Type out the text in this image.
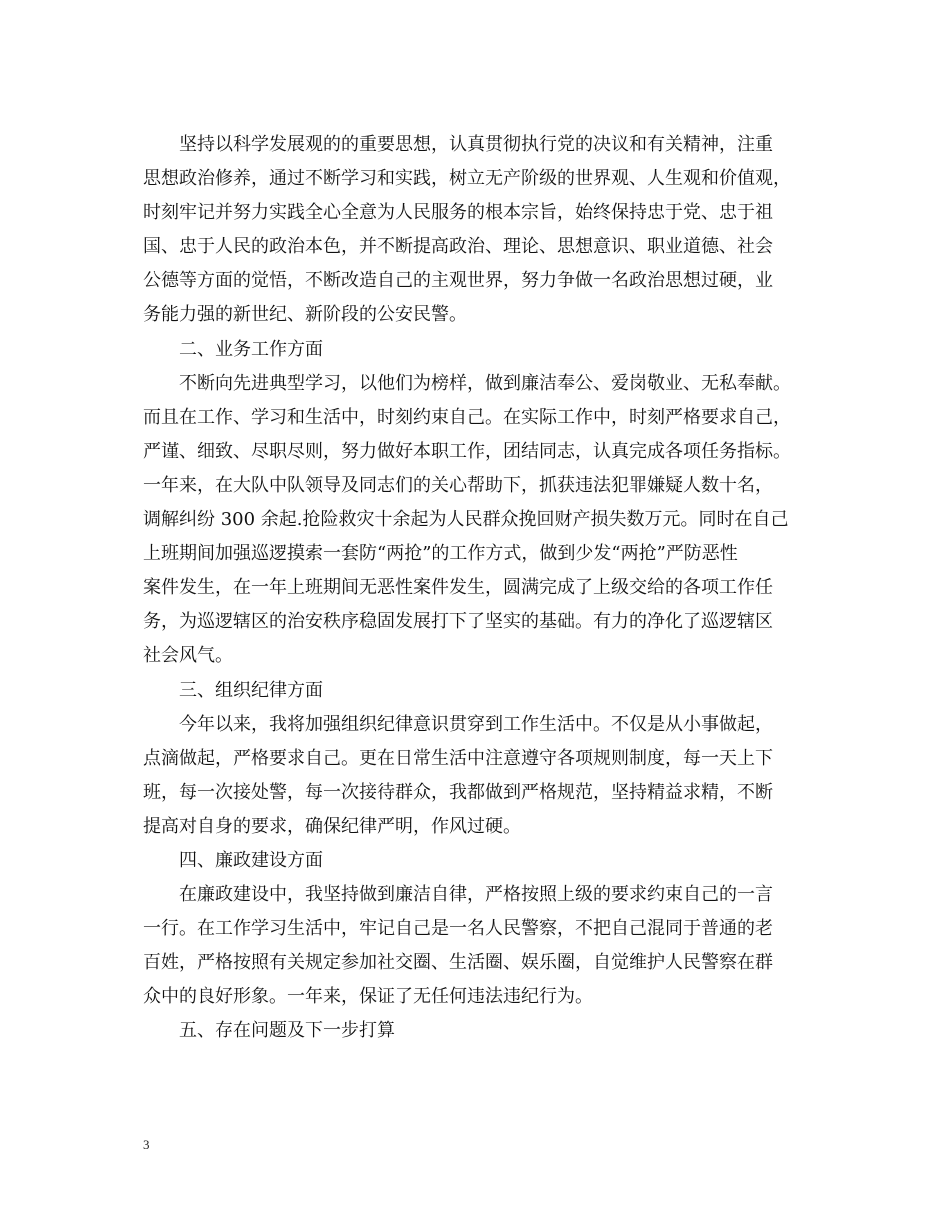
坚持以科学发展观的的重要思想，认真贯彻执行党的决议和有关精神，注重
思想政治修养，通过不断学习和实践，树立无产阶级的世界观、人生观和价值观，
时刻牢记并努力实践全心全意为人民服务的根本宗旨，始终保持忠于党、忠于祖
国、忠于人民的政治本色，并不断提高政治、理论、思想意识、职业道德、社会
公德等方面的觉悟，不断改造自己的主观世界，努力争做一名政治思想过硬，业
务能力强的新世纪、新阶段的公安民警。
二、业务工作方面
不断向先进典型学习，以他们为榜样，做到廉洁奉公、爱岗敬业、无私奉献。
而且在工作、学习和生活中，时刻约束自己。在实际工作中，时刻严格要求自己，
严谨、细致、尽职尽则，努力做好本职工作，团结同志，认真完成各项任务指标。
一年来，在大队中队领导及同志们的关心帮助下，抓获违法犯罪嫌疑人数十名，
调解纠纷 300 余起.抢险救灾十余起为人民群众挽回财产损失数万元。同时在自己
上班期间加强巡逻摸索一套防“两抢”的工作方式，做到少发“两抢”严防恶性
案件发生，在一年上班期间无恶性案件发生，圆满完成了上级交给的各项工作任
务，为巡逻辖区的治安秩序稳固发展打下了坚实的基础。有力的净化了巡逻辖区
社会风气。
三、组织纪律方面
今年以来，我将加强组织纪律意识贯穿到工作生活中。不仅是从小事做起，
点滴做起，严格要求自己。更在日常生活中注意遵守各项规则制度，每一天上下
班，每一次接处警，每一次接待群众，我都做到严格规范，坚持精益求精，不断
提高对自身的要求，确保纪律严明，作风过硬。
四、廉政建设方面
在廉政建设中，我坚持做到廉洁自律，严格按照上级的要求约束自己的一言
一行。在工作学习生活中，牢记自己是一名人民警察，不把自己混同于普通的老
百姓，严格按照有关规定参加社交圈、生活圈、娱乐圈，自觉维护人民警察在群
众中的良好形象。一年来，保证了无任何违法违纪行为。
五、存在问题及下一步打算
3
